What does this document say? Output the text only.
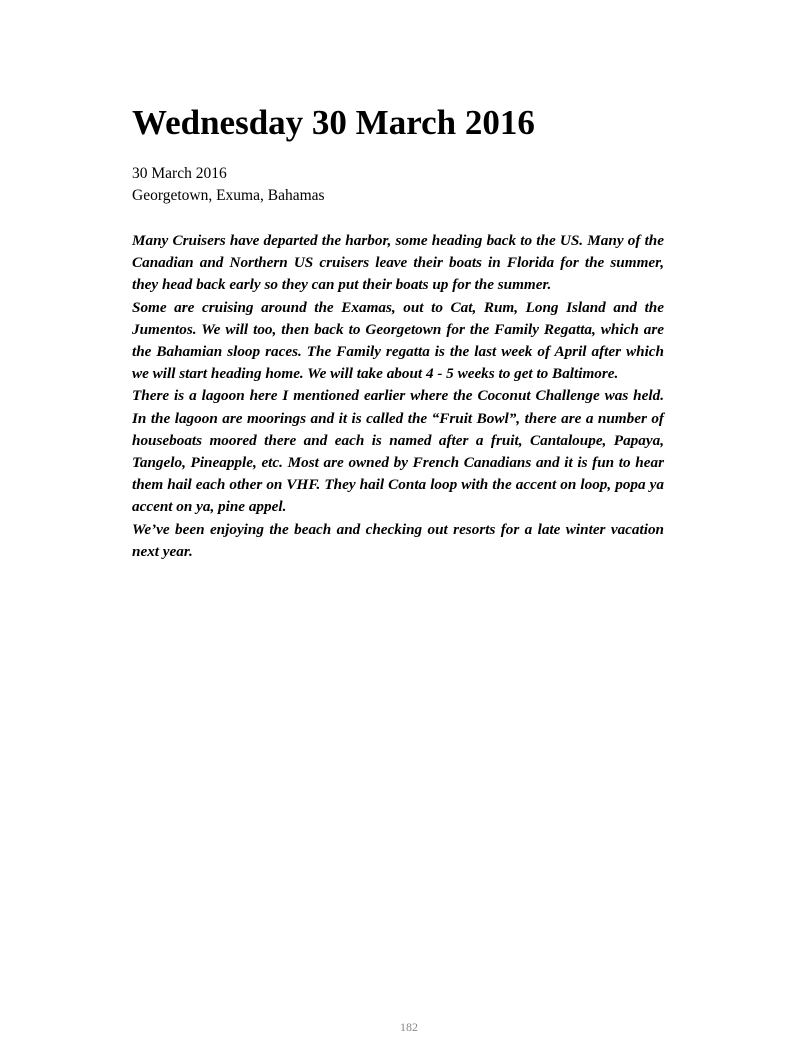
Wednesday 30 March 2016
30 March 2016
Georgetown, Exuma, Bahamas

Many Cruisers have departed the harbor, some heading back to the US. Many of the Canadian and Northern US cruisers leave their boats in Florida for the summer, they head back early so they can put their boats up for the summer.

Some are cruising around the Examas, out to Cat, Rum, Long Island and the Jumentos. We will too, then back to Georgetown for the Family Regatta, which are the Bahamian sloop races. The Family regatta is the last week of April after which we will start heading home. We will take about 4 - 5 weeks to get to Baltimore.

There is a lagoon here I mentioned earlier where the Coconut Challenge was held. In the lagoon are moorings and it is called the “Fruit Bowl”, there are a number of houseboats moored there and each is named after a fruit, Cantaloupe, Papaya, Tangelo, Pineapple, etc. Most are owned by French Canadians and it is fun to hear them hail each other on VHF. They hail Conta loop with the accent on loop, popa ya accent on ya, pine appel.

We’ve been enjoying the beach and checking out resorts for a late winter vacation next year.

182
